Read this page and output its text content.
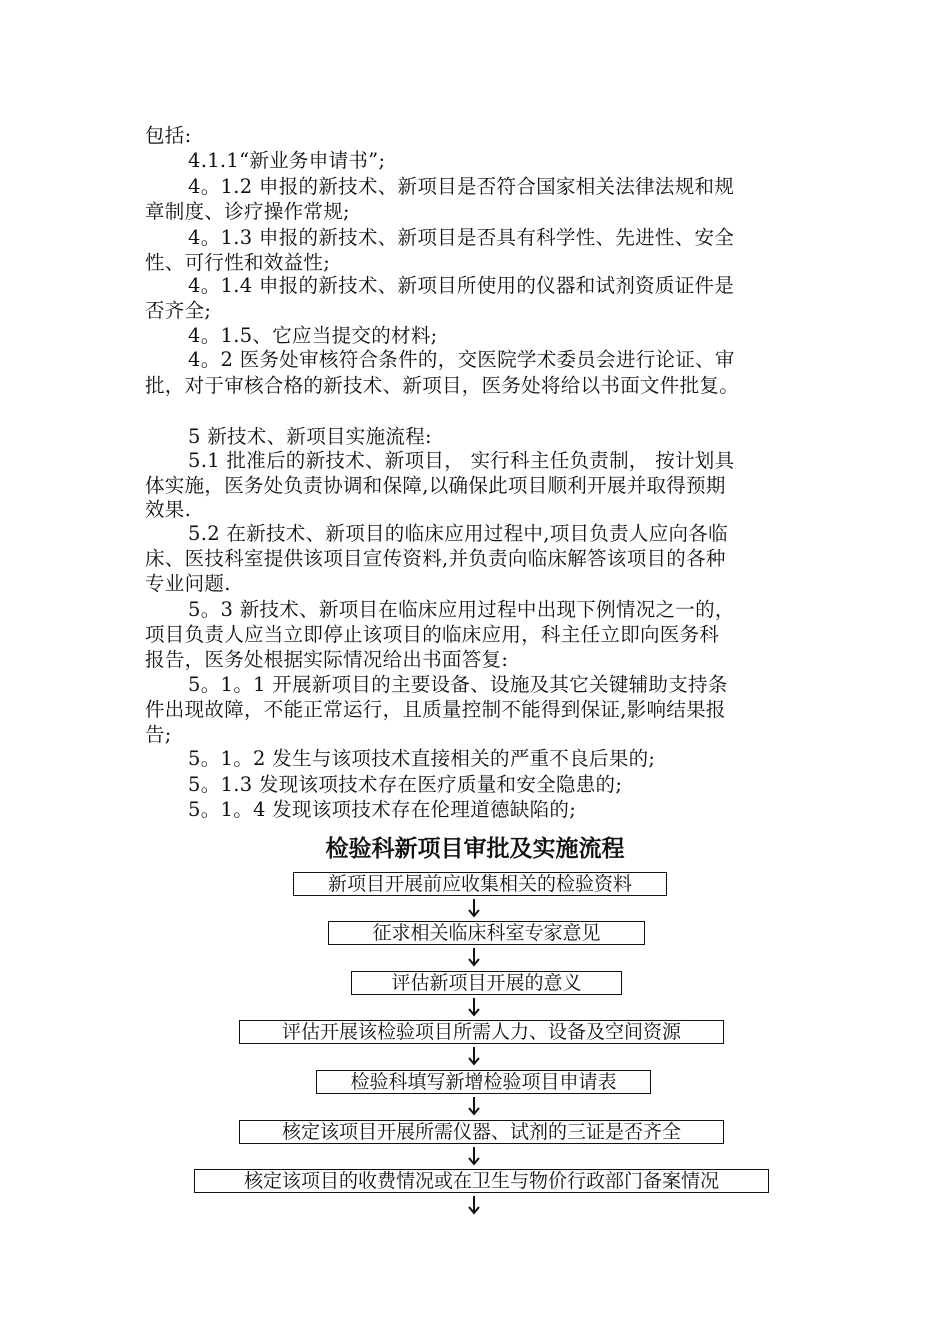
包括:
4.1.1“新业务申请书”;
4。1.2 申报的新技术、新项目是否符合国家相关法律法规和规
章制度、诊疗操作常规;
4。1.3 申报的新技术、新项目是否具有科学性、先进性、安全
性、可行性和效益性;
4。1.4 申报的新技术、新项目所使用的仪器和试剂资质证件是
否齐全;
4。1.5、它应当提交的材料;
4。2 医务处审核符合条件的，交医院学术委员会进行论证、审
批，对于审核合格的新技术、新项目，医务处将给以书面文件批复。
5 新技术、新项目实施流程:
5.1 批准后的新技术、新项目， 实行科主任负责制， 按计划具
体实施，医务处负责协调和保障,以确保此项目顺利开展并取得预期
效果.
5.2 在新技术、新项目的临床应用过程中,项目负责人应向各临
床、医技科室提供该项目宣传资料,并负责向临床解答该项目的各种
专业问题.
5。3 新技术、新项目在临床应用过程中出现下例情况之一的，
项目负责人应当立即停止该项目的临床应用，科主任立即向医务科
报告，医务处根据实际情况给出书面答复:
5。1。1 开展新项目的主要设备、设施及其它关键辅助支持条
件出现故障，不能正常运行，且质量控制不能得到保证,影响结果报
告;
5。1。2 发生与该项技术直接相关的严重不良后果的;
5。1.3 发现该项技术存在医疗质量和安全隐患的;
5。1。4 发现该项技术存在伦理道德缺陷的;
检验科新项目审批及实施流程
新项目开展前应收集相关的检验资料
征求相关临床科室专家意见
评估新项目开展的意义
评估开展该检验项目所需人力、设备及空间资源
检验科填写新增检验项目申请表
核定该项目开展所需仪器、试剂的三证是否齐全
核定该项目的收费情况或在卫生与物价行政部门备案情况
